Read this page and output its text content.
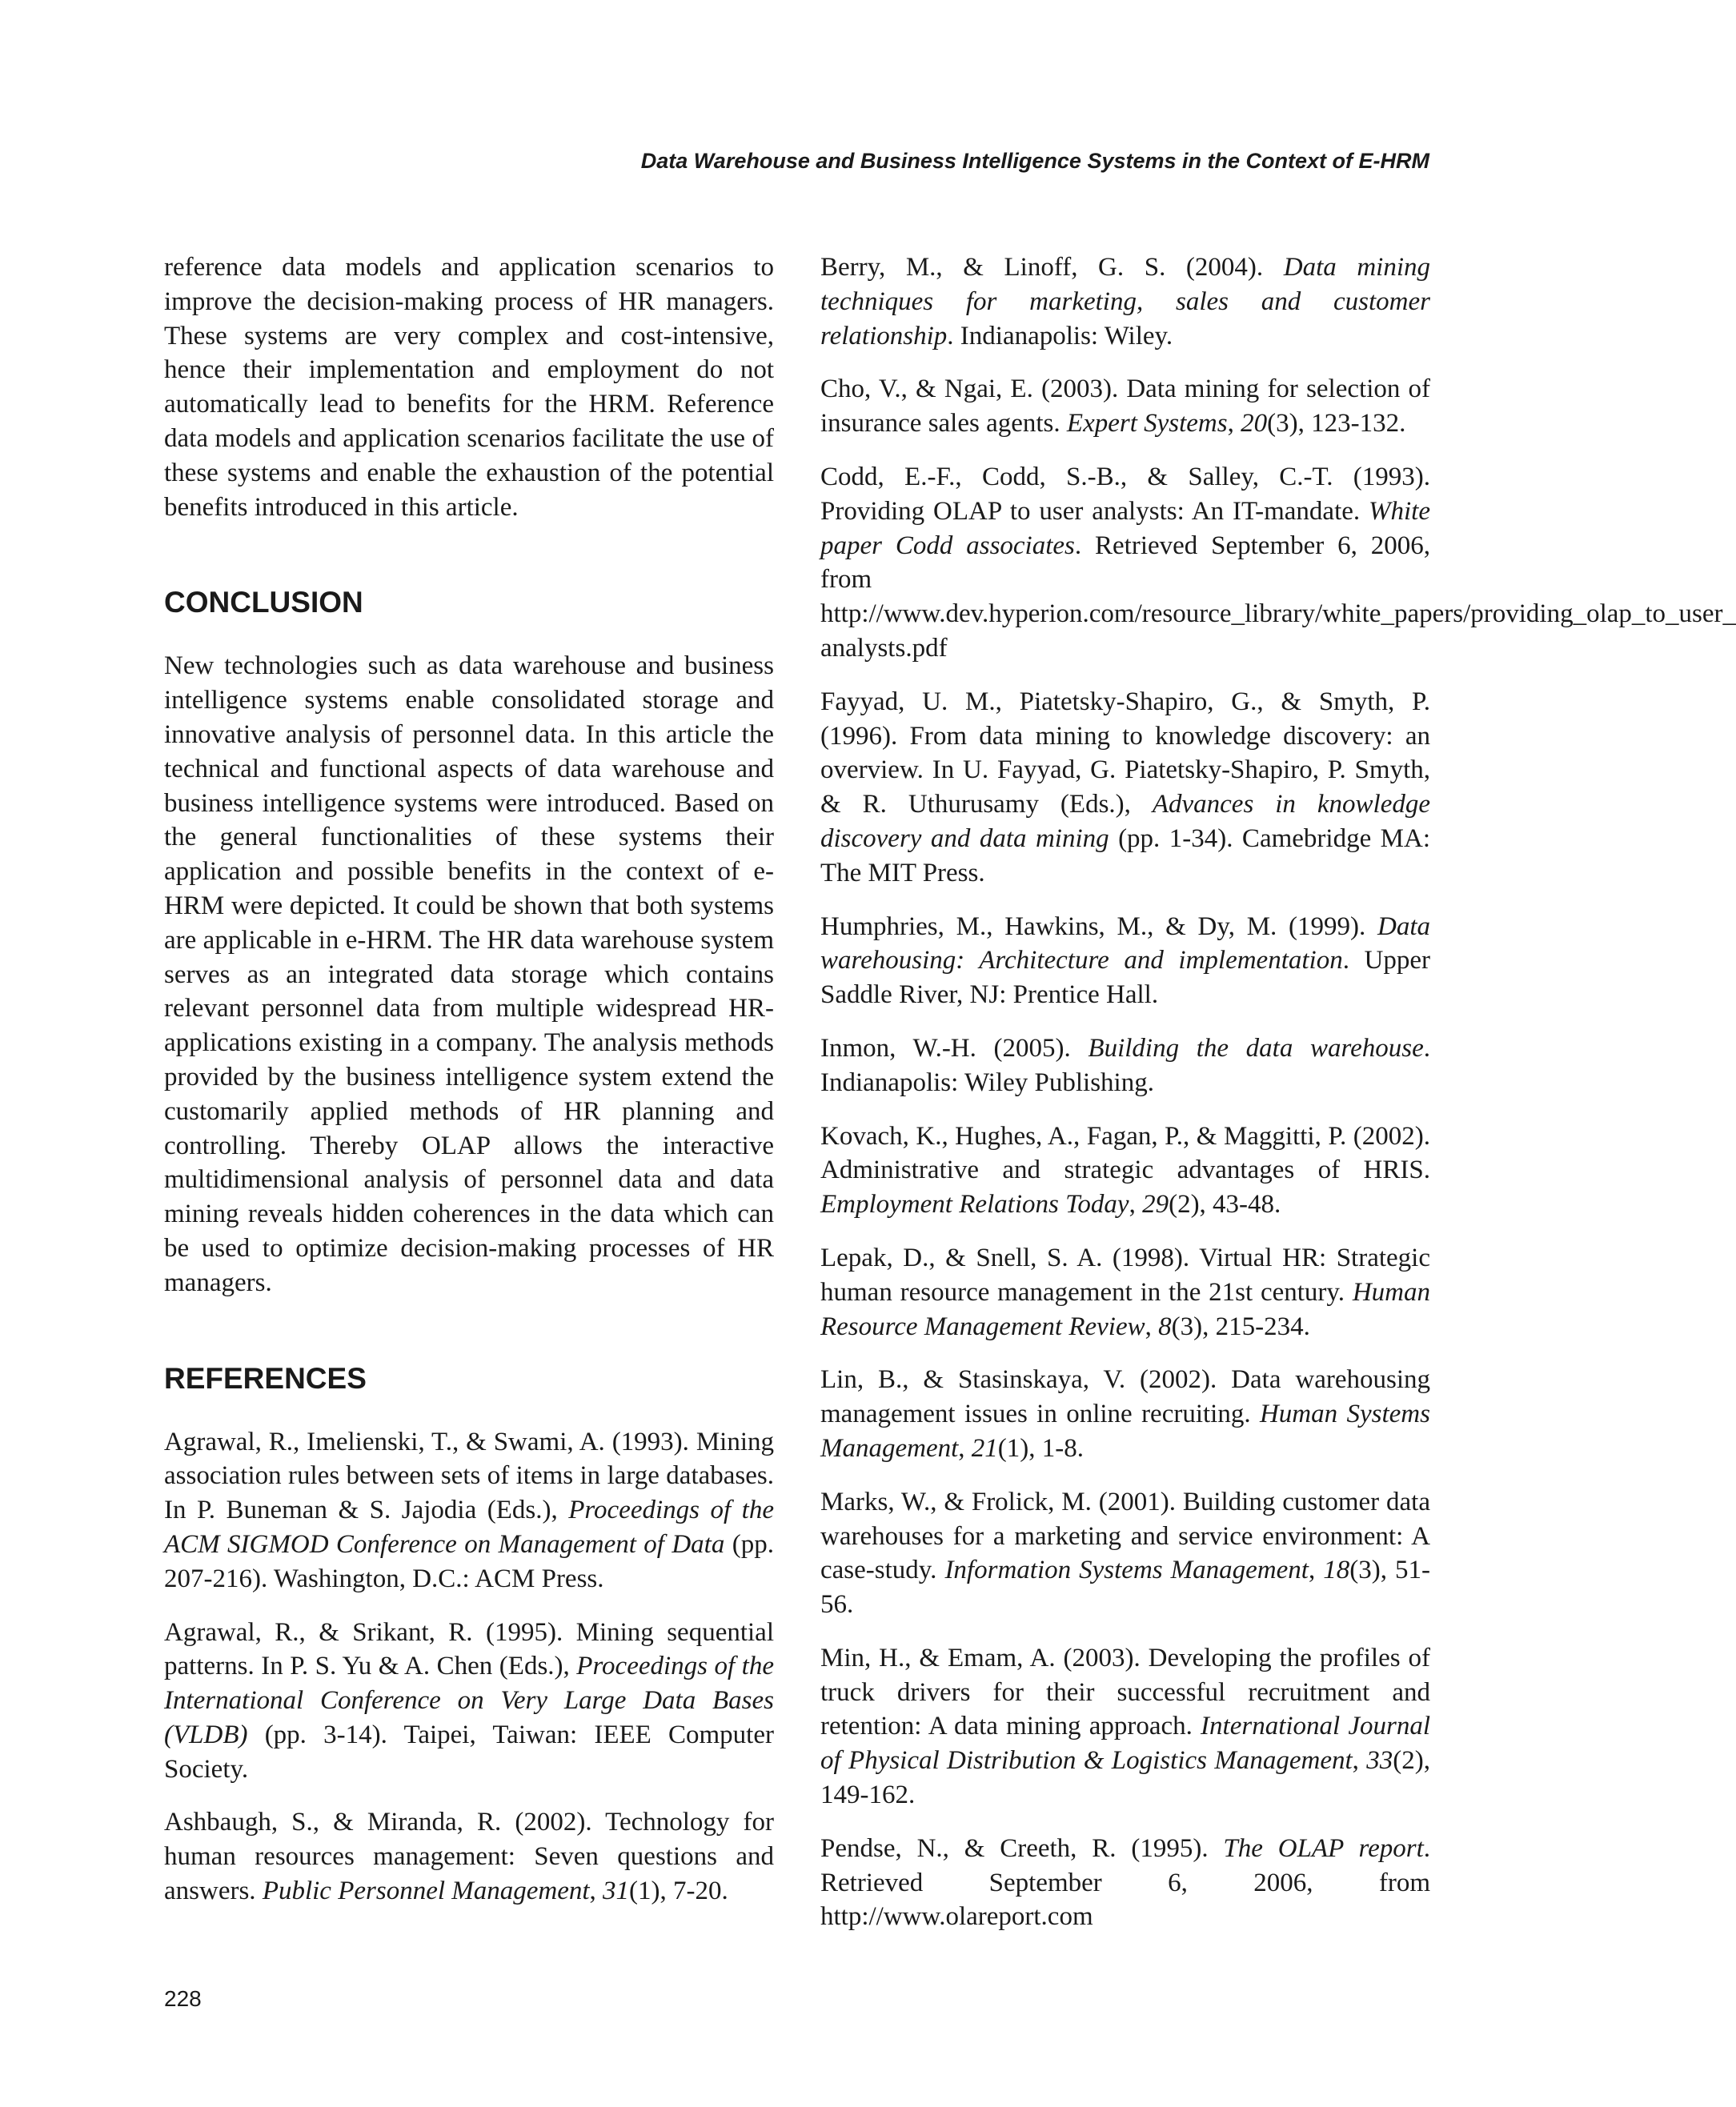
Data Warehouse and Business Intelligence Systems in the Context of E-HRM

reference data models and application scenarios to improve the decision-making process of HR managers. These systems are very complex and cost-intensive, hence their implementation and employment do not automatically lead to benefits for the HRM. Reference data models and application scenarios facilitate the use of these systems and enable the exhaustion of the potential benefits introduced in this article.

CONCLUSION

New technologies such as data warehouse and business intelligence systems enable consolidated storage and innovative analysis of personnel data. In this article the technical and functional aspects of data warehouse and business intelligence systems were introduced. Based on the general functionalities of these systems their application and possible benefits in the context of e-HRM were depicted. It could be shown that both systems are applicable in e-HRM. The HR data warehouse system serves as an integrated data storage which contains relevant personnel data from multiple widespread HR-applications existing in a company. The analysis methods provided by the business intelligence system extend the customarily applied methods of HR planning and controlling. Thereby OLAP allows the interactive multidimensional analysis of personnel data and data mining reveals hidden coherences in the data which can be used to optimize decision-making processes of HR managers.

REFERENCES

Agrawal, R., Imelienski, T., & Swami, A. (1993). Mining association rules between sets of items in large databases. In P. Buneman & S. Jajodia (Eds.), Proceedings of the ACM SIGMOD Conference on Management of Data (pp. 207-216). Washington, D.C.: ACM Press.

Agrawal, R., & Srikant, R. (1995). Mining sequential patterns. In P. S. Yu & A. Chen (Eds.), Proceedings of the International Conference on Very Large Data Bases (VLDB) (pp. 3-14). Taipei, Taiwan: IEEE Computer Society.

Ashbaugh, S., & Miranda, R. (2002). Technology for human resources management: Seven questions and answers. Public Personnel Management, 31(1), 7-20.

Berry, M., & Linoff, G. S. (2004). Data mining techniques for marketing, sales and customer relationship. Indianapolis: Wiley.

Cho, V., & Ngai, E. (2003). Data mining for selection of insurance sales agents. Expert Systems, 20(3), 123-132.

Codd, E.-F., Codd, S.-B., & Salley, C.-T. (1993). Providing OLAP to user analysts: An IT-mandate. White paper Codd associates. Retrieved September 6, 2006, from http://www.dev.hyperion.com/resource_library/white_papers/providing_olap_to_user_ analysts.pdf

Fayyad, U. M., Piatetsky-Shapiro, G., & Smyth, P. (1996). From data mining to knowledge discovery: an overview. In U. Fayyad, G. Piatetsky-Shapiro, P. Smyth, & R. Uthurusamy (Eds.), Advances in knowledge discovery and data mining (pp. 1-34). Camebridge MA: The MIT Press.

Humphries, M., Hawkins, M., & Dy, M. (1999). Data warehousing: Architecture and implementation. Upper Saddle River, NJ: Prentice Hall.

Inmon, W.-H. (2005). Building the data warehouse. Indianapolis: Wiley Publishing.

Kovach, K., Hughes, A., Fagan, P., & Maggitti, P. (2002). Administrative and strategic advantages of HRIS. Employment Relations Today, 29(2), 43-48.

Lepak, D., & Snell, S. A. (1998). Virtual HR: Strategic human resource management in the 21st century. Human Resource Management Review, 8(3), 215-234.

Lin, B., & Stasinskaya, V. (2002). Data warehousing management issues in online recruiting. Human Systems Management, 21(1), 1-8.

Marks, W., & Frolick, M. (2001). Building customer data warehouses for a marketing and service environment: A case-study. Information Systems Management, 18(3), 51-56.

Min, H., & Emam, A. (2003). Developing the profiles of truck drivers for their successful recruitment and retention: A data mining approach. International Journal of Physical Distribution & Logistics Management, 33(2), 149-162.

Pendse, N., & Creeth, R. (1995). The OLAP report. Retrieved September 6, 2006, from http://www.olareport.com

228
